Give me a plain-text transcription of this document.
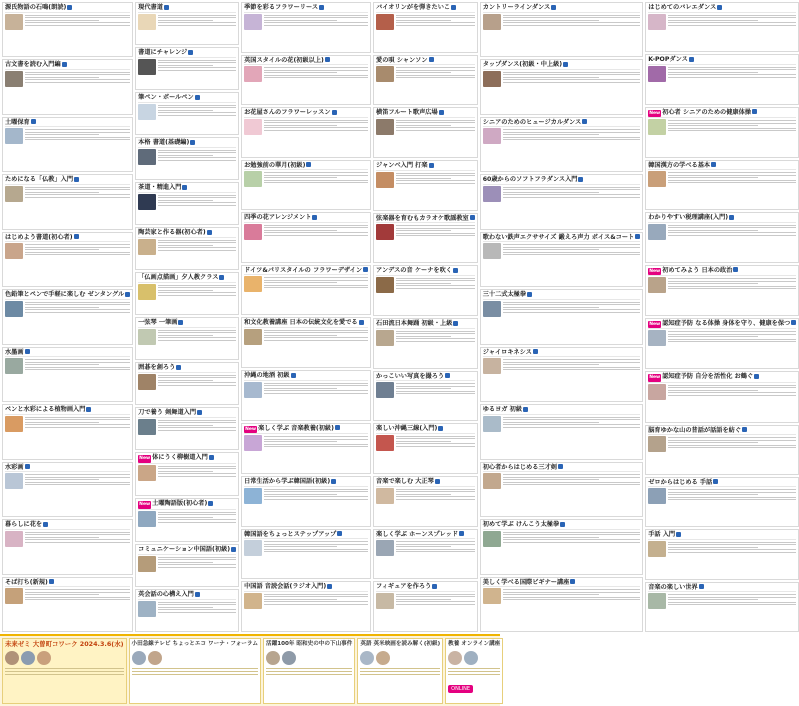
源氏物語の石鳴(朗読)
古文書を読む入門編
土曜保育
ためになる「仏教」入門
はじめよう書道(初心者)
色鉛筆とペンで手軽に楽しむ ゼンタングル
水墨画
ペンと水彩による植物画入門
水彩画
暮らしに花を
そば打ち(新規)
現代書道
書道にチャレンジ
筆ペン・ボールペン
本格 書道(基礎編)
茶道・精進入門
陶芸家と作る器(初心者)
「仏画点描画」夕人教クラス
一弦琴 一筆画
囲碁を創ろう
刀で養う 剣舞道入門
New 体にうく柳樹道入門
New 土曜陶語版(初心者)
コミュニケーション中国語(初級)
英会話の心構え入門
季節を彩るフラワーリース
英国スタイルの花(初級以上)
お花屋さんのフラワーレッスン
お勉強前の華月(初級)
四季の花アレンジメント
ドイツ&パリスタイルの フラワーデザイン
和文化教養講座 日本の伝統文化を愛でる
沖縄の地酒 初級
New 楽しく学ぶ 音楽教養(初級)
日常生活から学ぶ韓国語(初級)
韓国語をちょっとステップアップ
中国語 音読会話(ラジオ入門)
バイオリンがを弾きたいこ
愛の唄 シャンソン
横笛フルート歌声広場
ジャンベ入門 打楽
弦楽器を育むもカラオケ歌謡教室
アンデスの音 ケーナを吹く
石田流日本舞踊 初級・上級
かっこいい写真を撮ろう
楽しい沖縄三線(入門)
音楽で楽しむ 大正琴
楽しく学ぶ ホーンスプレッド
フィギュアを作ろう
カントリーラインダンス
タップダンス(初級・中上級)
シニアのためのヒュージカルダンス
60歳からのソフトフラダンス入門
歌わない鉄声エクササイズ 鍛えろ声力 ボイス&コート
三十二式太極拳
ジャイロキネシス
ゆるヨガ 初級
初心者からはじめる三才剣
初めて学ぶ けんこう太極拳
美しく学べる国際ビギナー講座
はじめてのバレエダンス
K-POPダンス
New 初心者 シニアのための健康体操
韓国漢方の学べる基本
わかりやすい税理講座(入門)
New 初めてみよう 日本の政治
New 認知症予防 なる体操 身体を守り、健康を保つ
New 認知症予防 自分を活性化 お鶴ぐ
脳育ゆかな山の昔話が話語を紡ぐ
ゼロからはじめる 手話
手話 入門
音楽の楽しい世界
未来ゼミ 大曽町コワーク 2024.3.6(水) 小田急線テレビ ちょっとエコ ワーナ・フォーラム 活躍100年 昭和史の中の下山事件 英語 英米映画を読み解く(初級) 教養 オンライン講座
ONLINE
